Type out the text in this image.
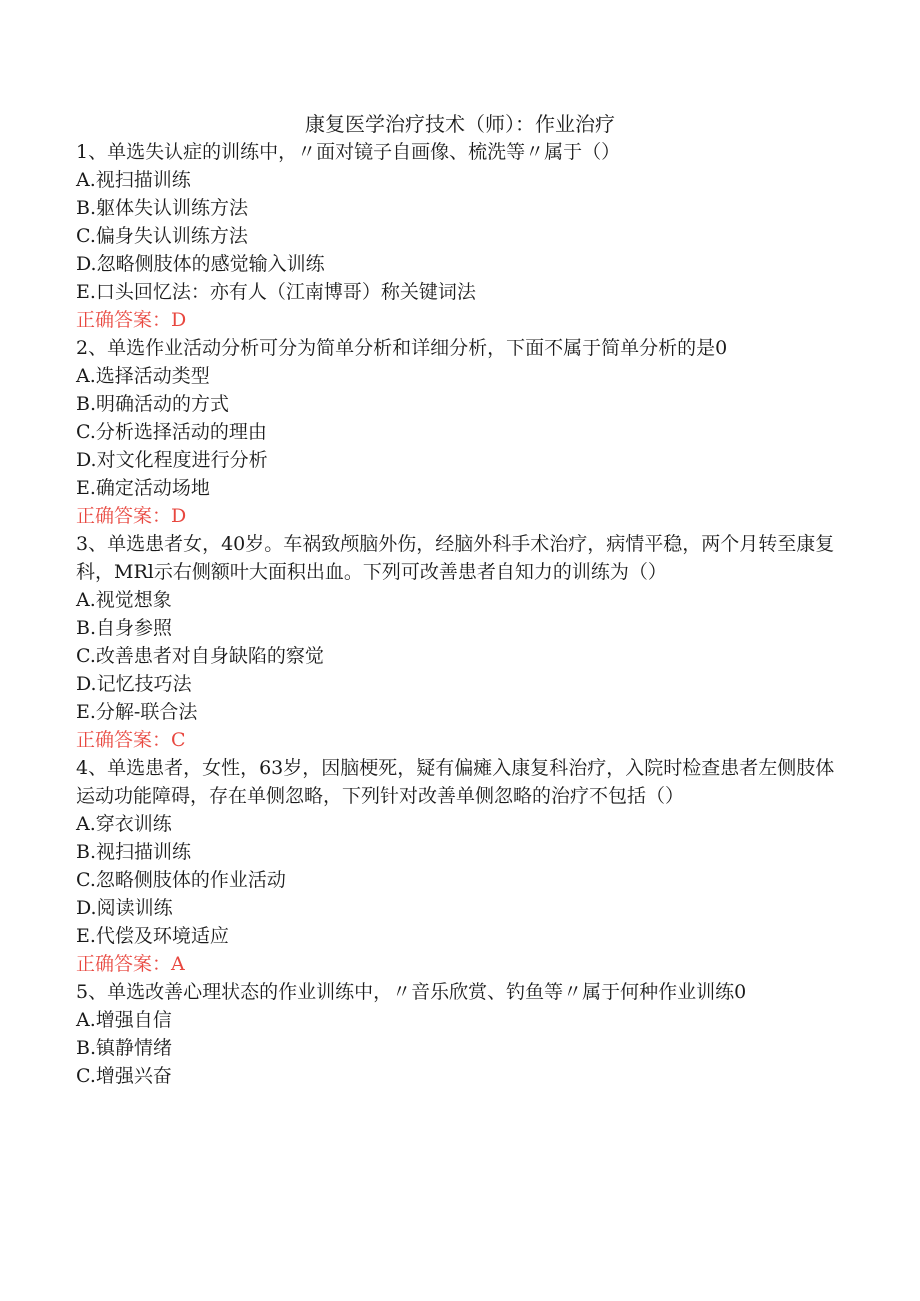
康复医学治疗技术（师）：作业治疗
1、单选失认症的训练中，〃面对镜子自画像、梳洗等〃属于（）
A.视扫描训练
B.躯体失认训练方法
C.偏身失认训练方法
D.忽略侧肢体的感觉输入训练
E.口头回忆法：亦有人（江南博哥）称关键词法
正确答案：D
2、单选作业活动分析可分为简单分析和详细分析，下面不属于简单分析的是0
A.选择活动类型
B.明确活动的方式
C.分析选择活动的理由
D.对文化程度进行分析
E.确定活动场地
正确答案：D
3、单选患者女，40岁。车祸致颅脑外伤，经脑外科手术治疗，病情平稳，两个月转至康复科，MRl示右侧额叶大面积出血。下列可改善患者自知力的训练为（）
A.视觉想象
B.自身参照
C.改善患者对自身缺陷的察觉
D.记忆技巧法
E.分解-联合法
正确答案：C
4、单选患者，女性，63岁，因脑梗死，疑有偏瘫入康复科治疗，入院时检查患者左侧肢体运动功能障碍，存在单侧忽略，下列针对改善单侧忽略的治疗不包括（）
A.穿衣训练
B.视扫描训练
C.忽略侧肢体的作业活动
D.阅读训练
E.代偿及环境适应
正确答案：A
5、单选改善心理状态的作业训练中，〃音乐欣赏、钓鱼等〃属于何种作业训练0
A.增强自信
B.镇静情绪
C.增强兴奋
